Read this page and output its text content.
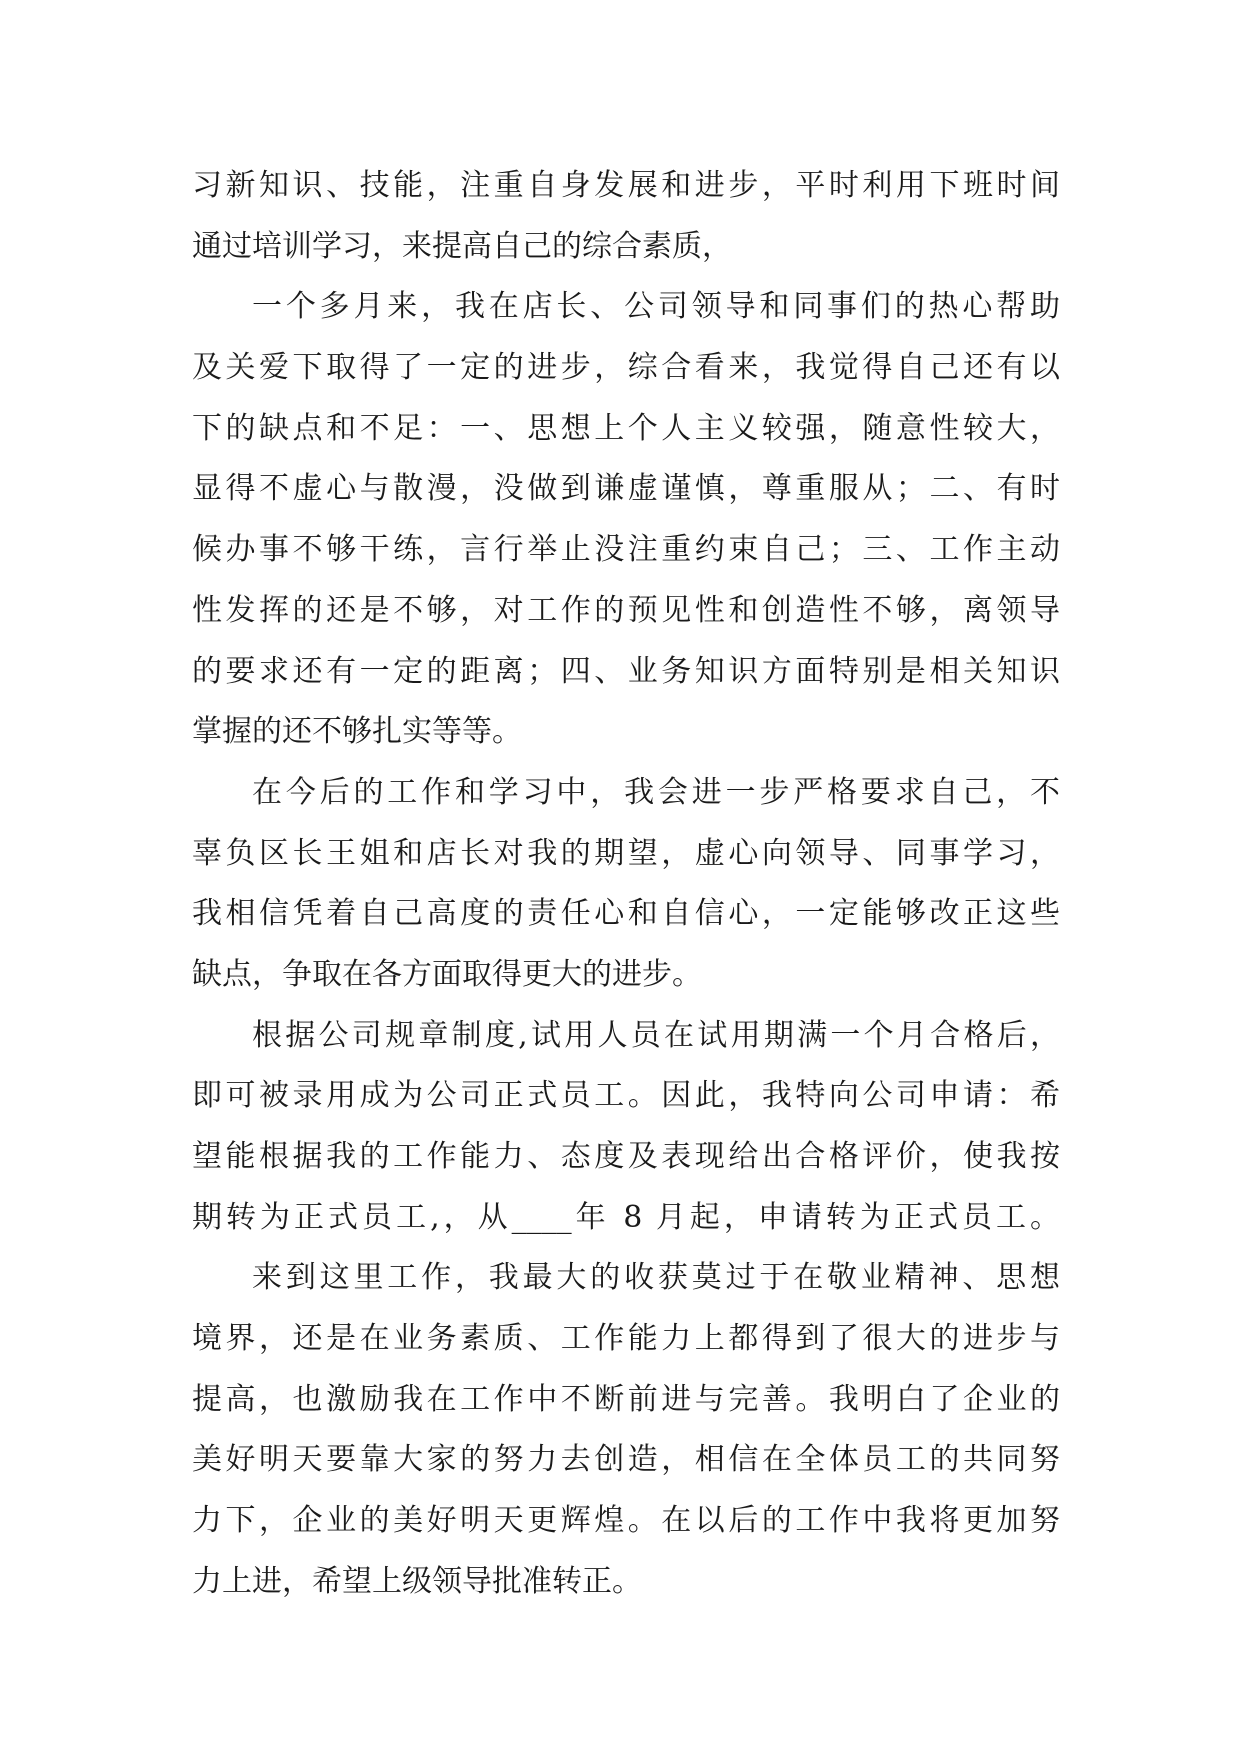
习新知识、技能，注重自身发展和进步，平时利用下班时间
通过培训学习，来提高自己的综合素质，
一个多月来，我在店长、公司领导和同事们的热心帮助
及关爱下取得了一定的进步，综合看来，我觉得自己还有以
下的缺点和不足：一、思想上个人主义较强，随意性较大，
显得不虚心与散漫，没做到谦虚谨慎，尊重服从；二、有时
候办事不够干练，言行举止没注重约束自己；三、工作主动
性发挥的还是不够，对工作的预见性和创造性不够，离领导
的要求还有一定的距离；四、业务知识方面特别是相关知识
掌握的还不够扎实等等。
在今后的工作和学习中，我会进一步严格要求自己，不
辜负区长王姐和店长对我的期望，虚心向领导、同事学习，
我相信凭着自己高度的责任心和自信心，一定能够改正这些
缺点，争取在各方面取得更大的进步。
根据公司规章制度,试用人员在试用期满一个月合格后，
即可被录用成为公司正式员工。因此，我特向公司申请：希
望能根据我的工作能力、态度及表现给出合格评价，使我按
期转为正式员工,，从____年 8 月起，申请转为正式员工。
来到这里工作，我最大的收获莫过于在敬业精神、思想
境界，还是在业务素质、工作能力上都得到了很大的进步与
提高，也激励我在工作中不断前进与完善。我明白了企业的
美好明天要靠大家的努力去创造，相信在全体员工的共同努
力下，企业的美好明天更辉煌。在以后的工作中我将更加努
力上进，希望上级领导批准转正。
